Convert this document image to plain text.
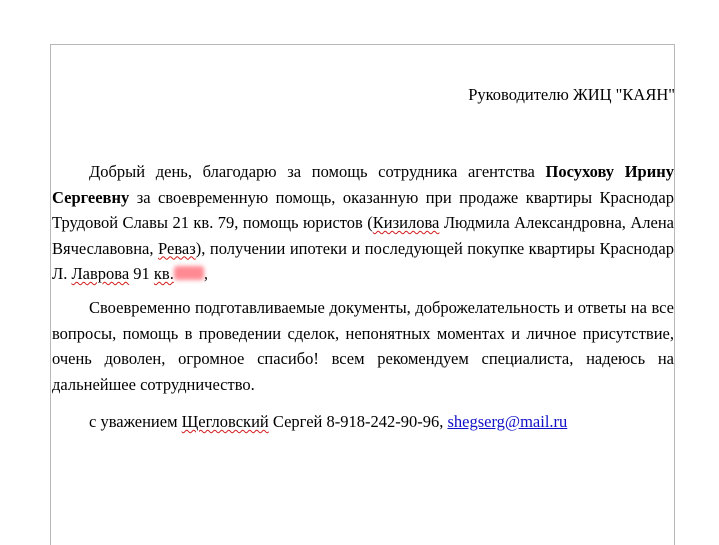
Руководителю ЖИЦ "КАЯН"
Добрый день, благодарю за помощь сотрудника агентства Посухову Ирину Сергеевну за своевременную помощь, оказанную при продаже квартиры Краснодар Трудовой Славы 21 кв. 79, помощь юристов (Кизилова Людмила Александровна, Алена Вячеславовна, Реваз), получении ипотеки и последующей покупке квартиры Краснодар Л. Лаврова 91 кв. ,
Своевременно подготавливаемые документы, доброжелательность и ответы на все вопросы, помощь в проведении сделок, непонятных моментах и личное присутствие, очень доволен, огромное спасибо! всем рекомендуем специалиста, надеюсь на дальнейшее сотрудничество.
с уважением Щегловский Сергей 8-918-242-90-96, shegserg@mail.ru
